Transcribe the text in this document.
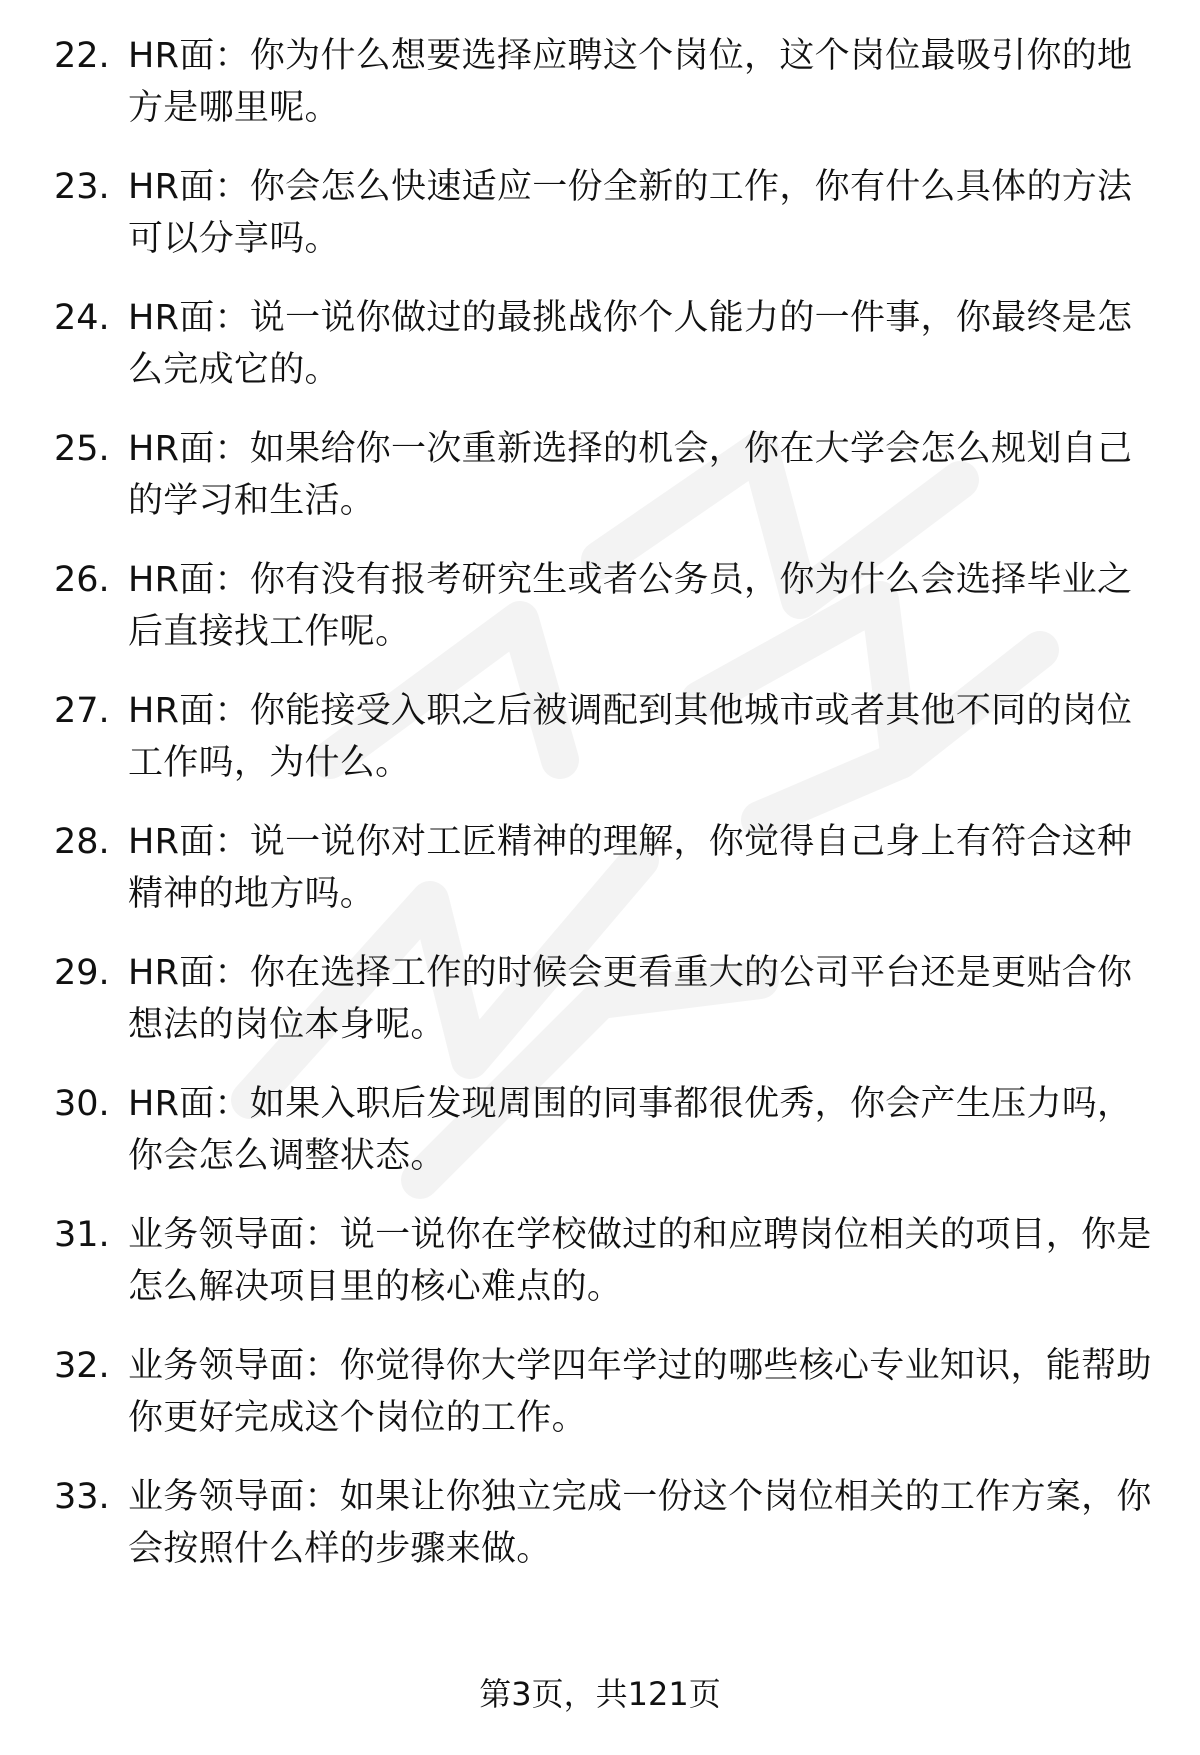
22. HR面：你为什么想要选择应聘这个岗位，这个岗位最吸引你的地方是哪里呢。
23. HR面：你会怎么快速适应一份全新的工作，你有什么具体的方法可以分享吗。
24. HR面：说一说你做过的最挑战你个人能力的一件事，你最终是怎么完成它的。
25. HR面：如果给你一次重新选择的机会，你在大学会怎么规划自己的学习和生活。
26. HR面：你有没有报考研究生或者公务员，你为什么会选择毕业之后直接找工作呢。
27. HR面：你能接受入职之后被调配到其他城市或者其他不同的岗位工作吗，为什么。
28. HR面：说一说你对工匠精神的理解，你觉得自己身上有符合这种精神的地方吗。
29. HR面：你在选择工作的时候会更看重大的公司平台还是更贴合你想法的岗位本身呢。
30. HR面：如果入职后发现周围的同事都很优秀，你会产生压力吗，你会怎么调整状态。
31. 业务领导面：说一说你在学校做过的和应聘岗位相关的项目，你是怎么解决项目里的核心难点的。
32. 业务领导面：你觉得你大学四年学过的哪些核心专业知识，能帮助你更好完成这个岗位的工作。
33. 业务领导面：如果让你独立完成一份这个岗位相关的工作方案，你会按照什么样的步骤来做。
第3页，共121页
